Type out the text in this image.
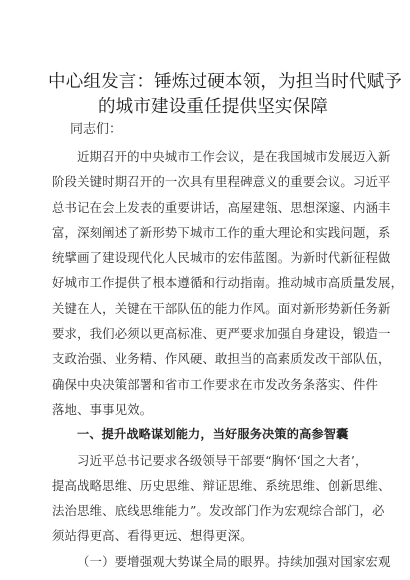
中心组发言：锤炼过硬本领，为担当时代赋予
的城市建设重任提供坚实保障
同志们：
近期召开的中央城市工作会议，是在我国城市发展迈入新
阶段关键时期召开的一次具有里程碑意义的重要会议。习近平
总书记在会上发表的重要讲话，高屋建瓴、思想深邃、内涵丰
富，深刻阐述了新形势下城市工作的重大理论和实践问题，系
统擘画了建设现代化人民城市的宏伟蓝图。为新时代新征程做
好城市工作提供了根本遵循和行动指南。推动城市高质量发展，
关键在人，关键在干部队伍的能力作风。面对新形势新任务新
要求，我们必须以更高标准、更严要求加强自身建设，锻造一
支政治强、业务精、作风硬、敢担当的高素质发改干部队伍，
确保中央决策部署和省市工作要求在市发改务条落实、件件
落地、事事见效。
一、提升战略谋划能力，当好服务决策的高参智囊
习近平总书记要求各级领导干部要“胸怀‘国之大者’，
提高战略思维、历史思维、辩证思维、系统思维、创新思维、
法治思维、底线思维能力”。发改部门作为宏观综合部门，必
须站得更高、看得更远、想得更深。
（一）要增强观大势谋全局的眼界。持续加强对国家宏观
